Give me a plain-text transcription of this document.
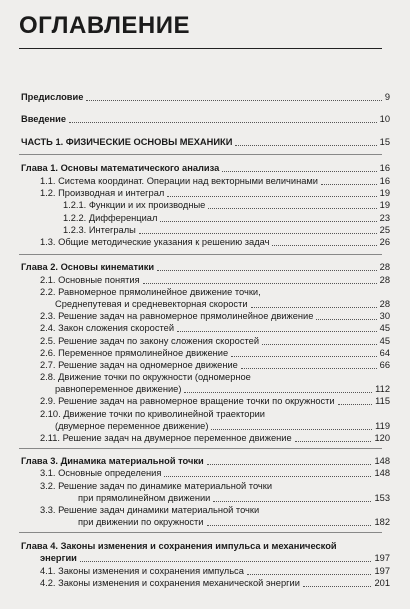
ОГЛАВЛЕНИЕ
Предисловие	9
Введение	10
ЧАСТЬ 1. ФИЗИЧЕСКИЕ ОСНОВЫ МЕХАНИКИ	15
Глава 1. Основы математического анализа	16
1.1. Система координат. Операции над векторными величинами	16
1.2. Производная и интеграл	19
1.2.1. Функции и их производные	19
1.2.2. Дифференциал	23
1.2.3. Интегралы	25
1.3. Общие методические указания к решению задач	26
Глава 2. Основы кинематики	28
2.1. Основные понятия	28
2.2. Равномерное прямолинейное движение точки,
Среднепутевая и средневекторная скорости	28
2.3. Решение задач на равномерное прямолинейное движение	30
2.4. Закон сложения скоростей	45
2.5. Решение задач по закону сложения скоростей	45
2.6. Переменное прямолинейное движение	64
2.7. Решение задач на одномерное движение	66
2.8. Движение точки по окружности (одномерное
равнопеременное движение)	112
2.9. Решение задач на равномерное вращение точки по окружности	115
2.10. Движение точки по криволинейной траектории
(двумерное переменное движение)	119
2.11. Решение задач на двумерное переменное движение	120
Глава 3. Динамика материальной точки	148
3.1. Основные определения	148
3.2. Решение задач по динамике материальной точки
при прямолинейном движении	153
3.3. Решение задач динамики материальной точки
при движении по окружности	182
Глава 4. Законы изменения и сохранения импульса и механической
энергии	197
4.1. Законы изменения и сохранения импульса	197
4.2. Законы изменения и сохранения механической энергии	201
